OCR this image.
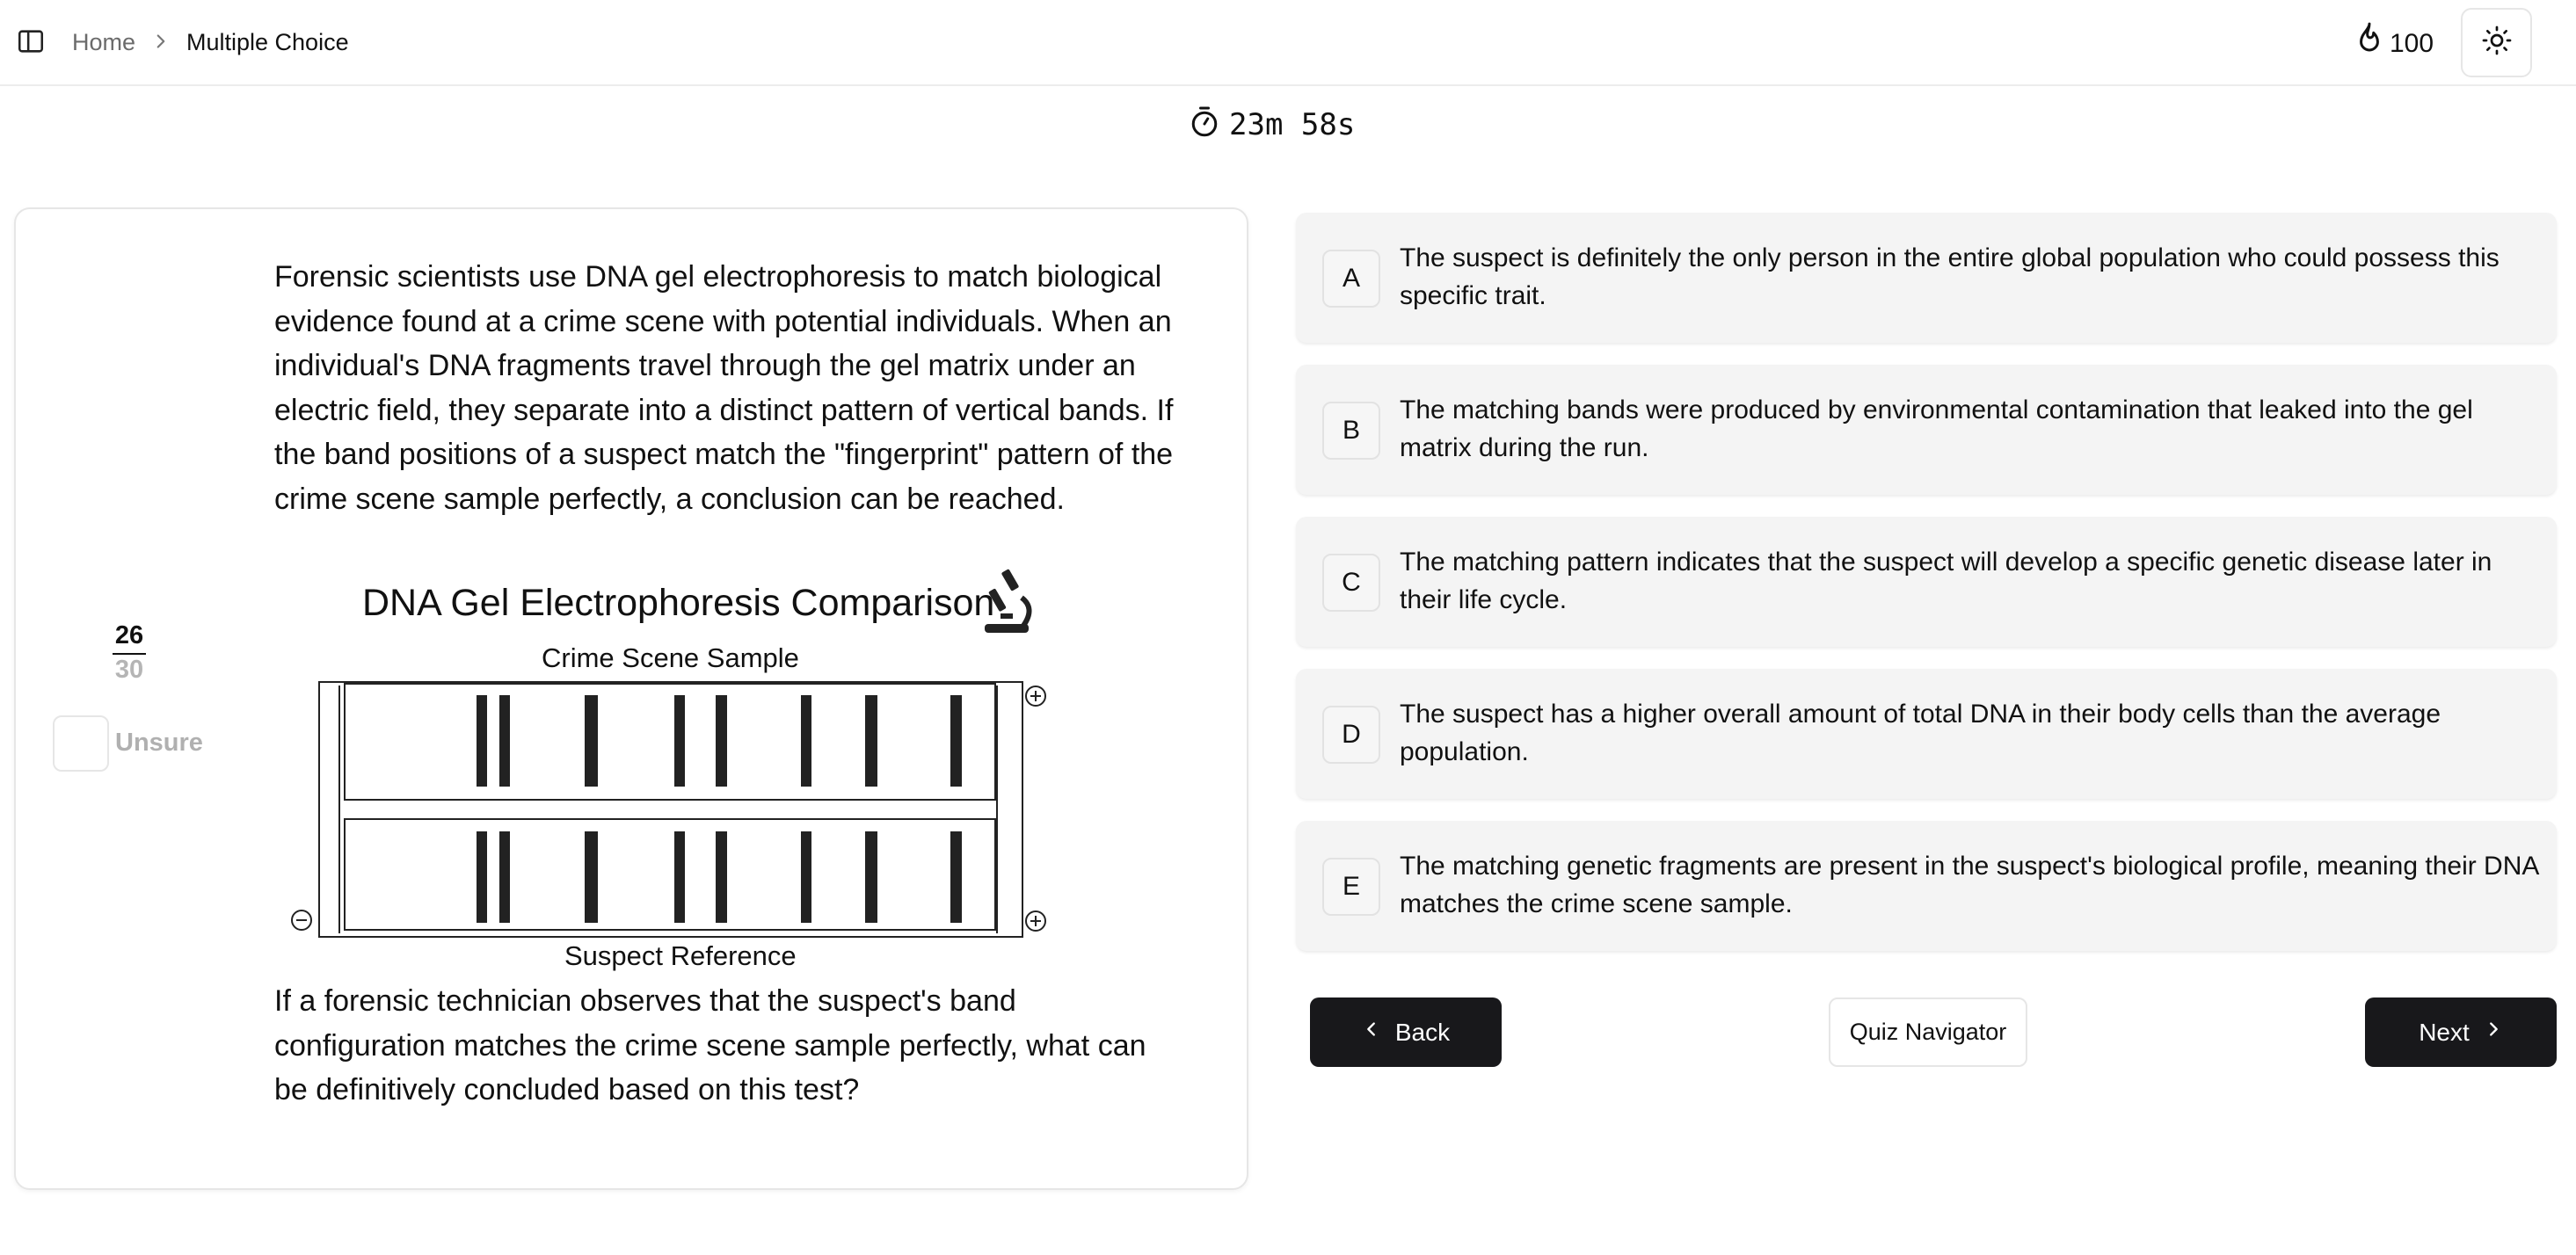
Home Multiple Choice	100
23m 58s
26
30
Unsure

Forensic scientists use DNA gel electrophoresis to match biological evidence found at a crime scene with potential individuals. When an individual's DNA fragments travel through the gel matrix under an electric field, they separate into a distinct pattern of vertical bands. If the band positions of a suspect match the "fingerprint" pattern of the crime scene sample perfectly, a conclusion can be reached.

DNA Gel Electrophoresis Comparison
Crime Scene Sample
Suspect Reference

If a forensic technician observes that the suspect's band configuration matches the crime scene sample perfectly, what can be definitively concluded based on this test?

A
The suspect is definitely the only person in the entire global population who could possess this specific trait.
B
The matching bands were produced by environmental contamination that leaked into the gel matrix during the run.
C
The matching pattern indicates that the suspect will develop a specific genetic disease later in their life cycle.
D
The suspect has a higher overall amount of total DNA in their body cells than the average population.
E
The matching genetic fragments are present in the suspect's biological profile, meaning their DNA matches the crime scene sample.
Back	Quiz Navigator	Next
